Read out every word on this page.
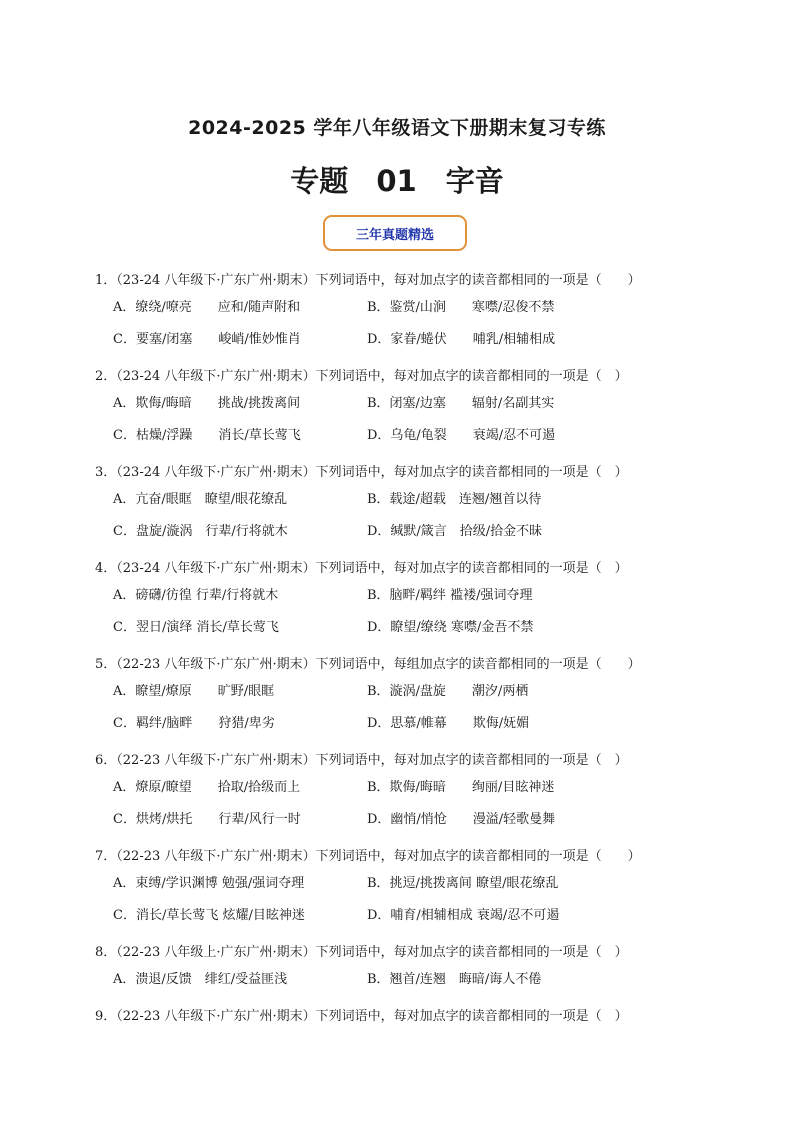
2024-2025 学年八年级语文下册期末复习专练
专题 01　字音
三年真题精选
1．（23-24 八年级下·广东广州·期末）下列词语中，每对加点字的读音都相同的一项是（　　）
A．缭绕/嘹亮　　应和/随声附和	B．鉴赏/山涧　　寒噤/忍俊不禁
C．要塞/闭塞　　峻峭/惟妙惟肖	D．家眷/蜷伏　　哺乳/相辅相成
2．（23-24 八年级下·广东广州·期末）下列词语中，每对加点字的读音都相同的一项是（　）
A．欺侮/晦暗　　挑战/挑拨离间	B．闭塞/边塞　　辐射/名副其实
C．枯燥/浮躁　　消长/草长莺飞	D．乌龟/龟裂　　衰竭/忍不可遏
3．（23-24 八年级下·广东广州·期末）下列词语中，每对加点字的读音都相同的一项是（　）
A．亢奋/眼眶　瞭望/眼花缭乱	B．载途/超载　连翘/翘首以待
C．盘旋/漩涡　行辈/行将就木	D．缄默/箴言　拾级/拾金不昧
4．（23-24 八年级下·广东广州·期末）下列词语中，每对加点字的读音都相同的一项是（　）
A．磅礴/彷徨 行辈/行将就木	B．脑畔/羁绊 褴褛/强词夺理
C．翌日/演绎 消长/草长莺飞	D．瞭望/缭绕 寒噤/金吾不禁
5．（22-23 八年级下·广东广州·期末）下列词语中，每组加点字的读音都相同的一项是（　　）
A．瞭望/燎原　　旷野/眼眶	B．漩涡/盘旋　　潮汐/两栖
C．羁绊/脑畔　　狩猎/卑劣	D．思慕/帷幕　　欺侮/妩媚
6．（22-23 八年级下·广东广州·期末）下列词语中，每对加点字的读音都相同的一项是（　）
A．燎原/瞭望　　拾取/拾级而上	B．欺侮/晦暗　　绚丽/目眩神迷
C．烘烤/烘托　　行辈/风行一时	D．幽悄/悄怆　　漫溢/轻歌曼舞
7．（22-23 八年级下·广东广州·期末）下列词语中，每对加点字的读音都相同的一项是（　　）
A．束缚/学识渊博 勉强/强词夺理	B．挑逗/挑拨离间 瞭望/眼花缭乱
C．消长/草长莺飞 炫耀/目眩神迷	D．哺育/相辅相成 衰竭/忍不可遏
8．（22-23 八年级上·广东广州·期末）下列词语中，每对加点字的读音都相同的一项是（　）
A．溃退/反馈　绯红/受益匪浅	B．翘首/连翘　晦暗/诲人不倦
9．（22-23 八年级下·广东广州·期末）下列词语中，每对加点字的读音都相同的一项是（　）
